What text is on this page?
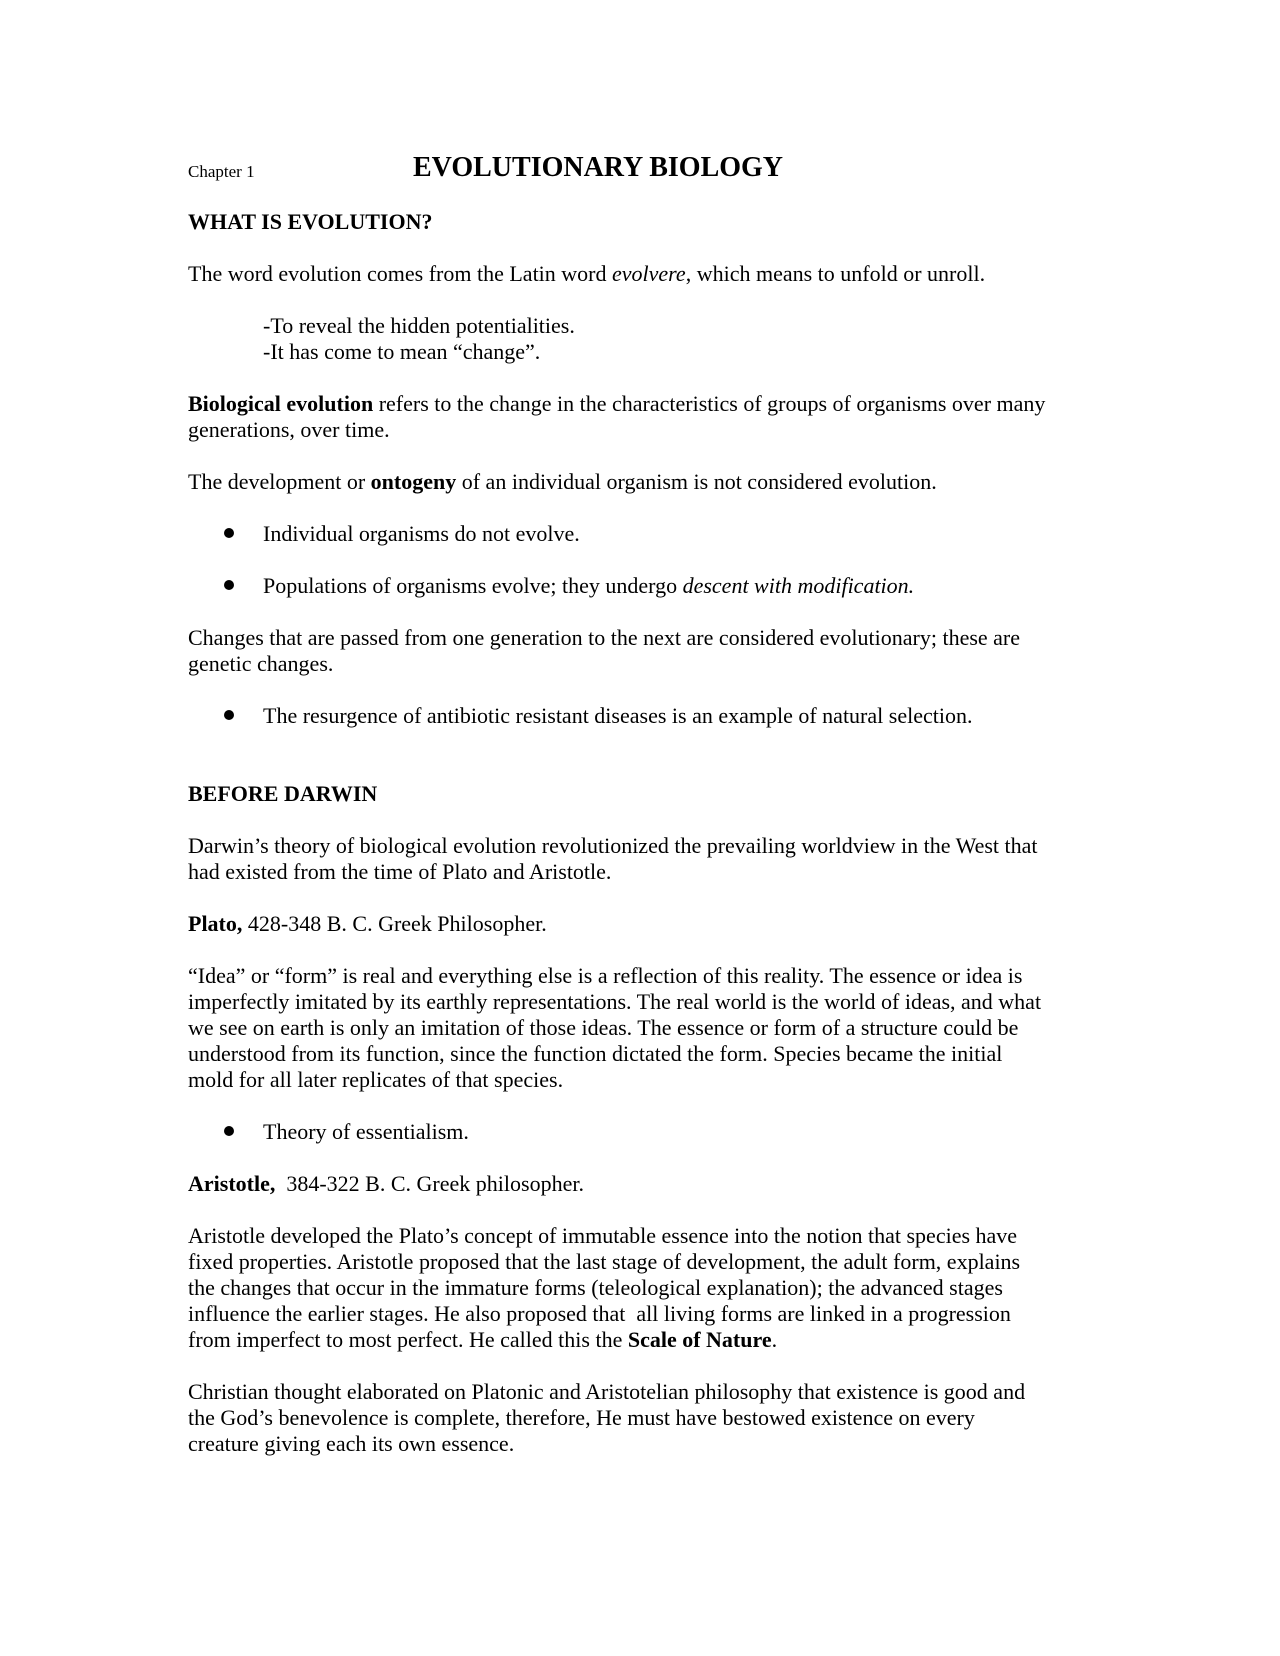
Chapter 1	EVOLUTIONARY BIOLOGY
WHAT IS EVOLUTION?
The word evolution comes from the Latin word evolvere, which means to unfold or unroll.
-To reveal the hidden potentialities.
-It has come to mean “change”.
Biological evolution refers to the change in the characteristics of groups of organisms over many
generations, over time.
The development or ontogeny of an individual organism is not considered evolution.
Individual organisms do not evolve.
Populations of organisms evolve; they undergo descent with modification.
Changes that are passed from one generation to the next are considered evolutionary; these are
genetic changes.
The resurgence of antibiotic resistant diseases is an example of natural selection.
BEFORE DARWIN
Darwin’s theory of biological evolution revolutionized the prevailing worldview in the West that
had existed from the time of Plato and Aristotle.
Plato, 428-348 B. C. Greek Philosopher.
“Idea” or “form” is real and everything else is a reflection of this reality. The essence or idea is
imperfectly imitated by its earthly representations. The real world is the world of ideas, and what
we see on earth is only an imitation of those ideas. The essence or form of a structure could be
understood from its function, since the function dictated the form. Species became the initial
mold for all later replicates of that species.
Theory of essentialism.
Aristotle,  384-322 B. C. Greek philosopher.
Aristotle developed the Plato’s concept of immutable essence into the notion that species have
fixed properties. Aristotle proposed that the last stage of development, the adult form, explains
the changes that occur in the immature forms (teleological explanation); the advanced stages
influence the earlier stages. He also proposed that  all living forms are linked in a progression
from imperfect to most perfect. He called this the Scale of Nature.
Christian thought elaborated on Platonic and Aristotelian philosophy that existence is good and
the God’s benevolence is complete, therefore, He must have bestowed existence on every
creature giving each its own essence.
